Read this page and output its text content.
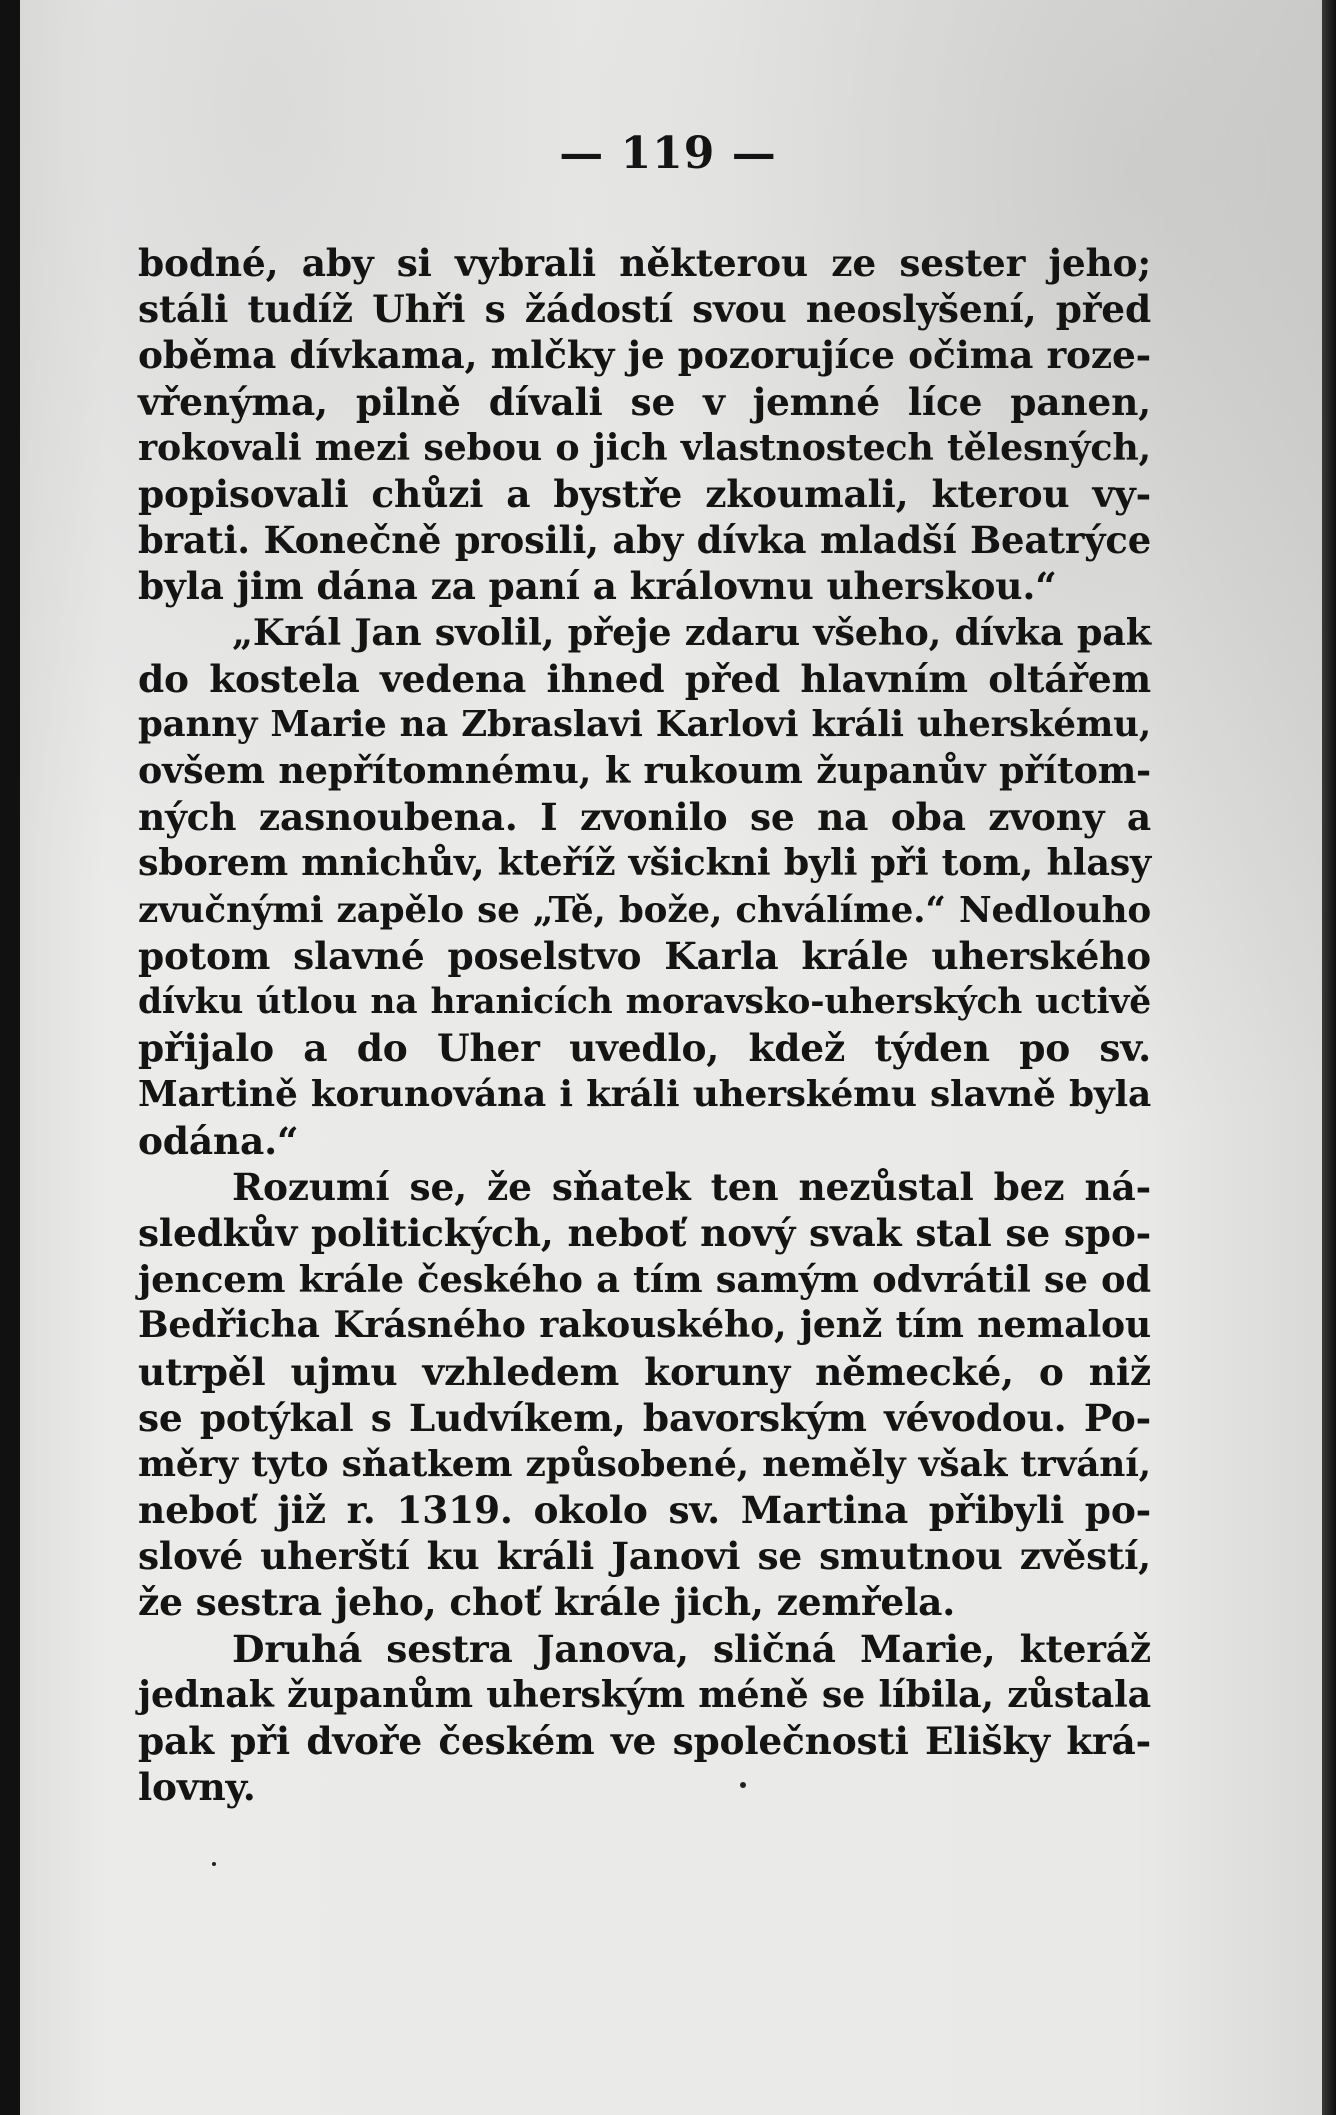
— 119 —
bodné, aby si vybrali některou ze sester jeho;
stáli tudíž Uhři s žádostí svou neoslyšení, před
oběma dívkama, mlčky je pozorujíce očima roze-
vřenýma, pilně dívali se v jemné líce panen,
rokovali mezi sebou o jich vlastnostech tělesných,
popisovali chůzi a bystře zkoumali, kterou vy-
brati. Konečně prosili, aby dívka mladší Beatrýce
byla jim dána za paní a královnu uherskou.“
„Král Jan svolil, přeje zdaru všeho, dívka pak
do kostela vedena ihned před hlavním oltářem
panny Marie na Zbraslavi Karlovi králi uherskému,
ovšem nepřítomnému, k rukoum županův přítom-
ných zasnoubena. I zvonilo se na oba zvony a
sborem mnichův, kteříž všickni byli při tom, hlasy
zvučnými zapělo se „Tě, bože, chválíme.“ Nedlouho
potom slavné poselstvo Karla krále uherského
dívku útlou na hranicích moravsko-uherských uctivě
přijalo a do Uher uvedlo, kdež týden po sv.
Martině korunována i králi uherskému slavně byla
odána.“
Rozumí se, že sňatek ten nezůstal bez ná-
sledkův politických, neboť nový svak stal se spo-
jencem krále českého a tím samým odvrátil se od
Bedřicha Krásného rakouského, jenž tím nemalou
utrpěl ujmu vzhledem koruny německé, o niž
se potýkal s Ludvíkem, bavorským vévodou. Po-
měry tyto sňatkem způsobené, neměly však trvání,
neboť již r. 1319. okolo sv. Martina přibyli po-
slové uherští ku králi Janovi se smutnou zvěstí,
že sestra jeho, choť krále jich, zemřela.
Druhá sestra Janova, sličná Marie, kteráž
jednak županům uherským méně se líbila, zůstala
pak při dvoře českém ve společnosti Elišky krá-
lovny.
